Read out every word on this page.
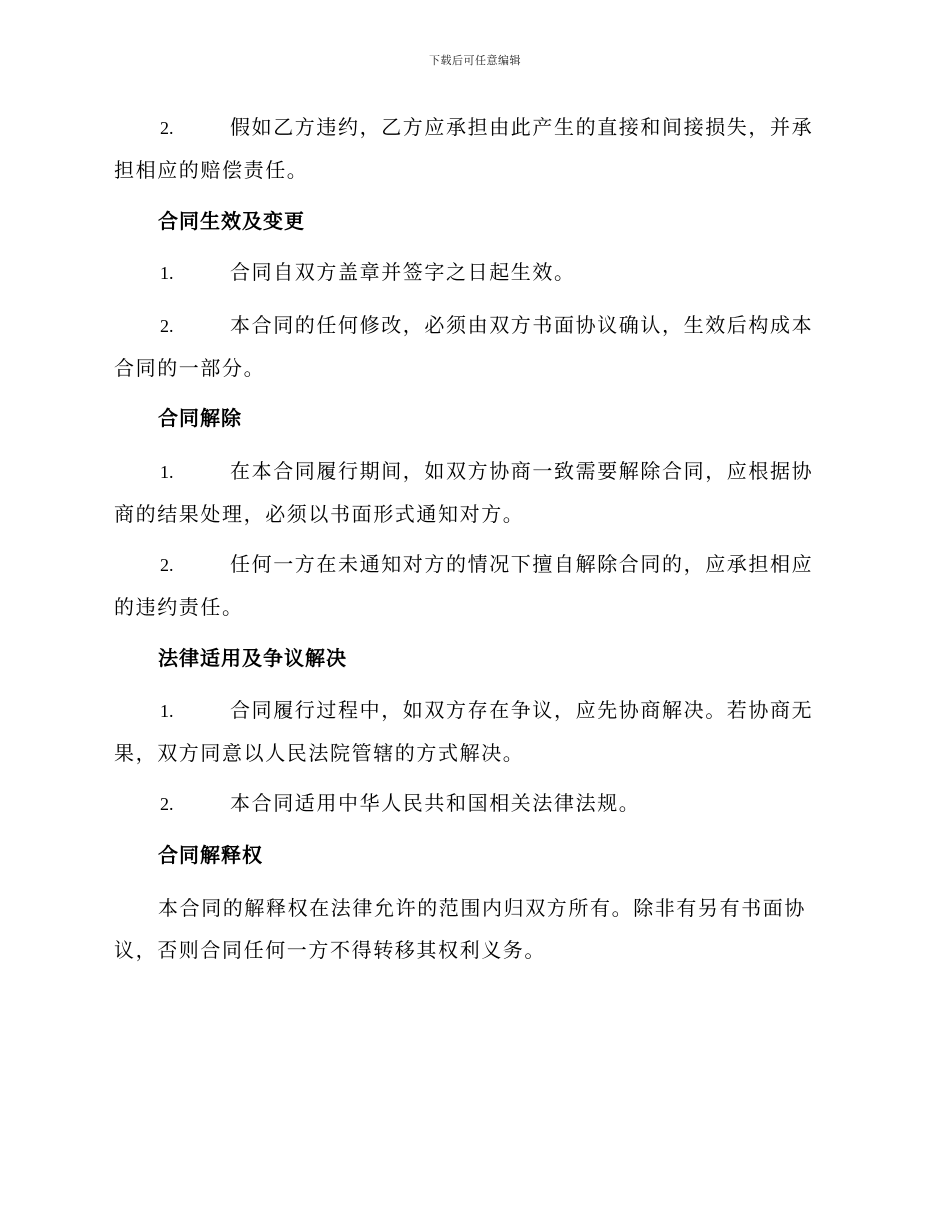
下载后可任意编辑
2.	假如乙方违约，乙方应承担由此产生的直接和间接损失，并承担相应的赔偿责任。
合同生效及变更
1.	合同自双方盖章并签字之日起生效。
2.	本合同的任何修改，必须由双方书面协议确认，生效后构成本合同的一部分。
合同解除
1.	在本合同履行期间，如双方协商一致需要解除合同，应根据协商的结果处理，必须以书面形式通知对方。
2.	任何一方在未通知对方的情况下擅自解除合同的，应承担相应的违约责任。
法律适用及争议解决
1.	合同履行过程中，如双方存在争议，应先协商解决。若协商无果，双方同意以人民法院管辖的方式解决。
2.	本合同适用中华人民共和国相关法律法规。
合同解释权
本合同的解释权在法律允许的范围内归双方所有。除非有另有书面协议，否则合同任何一方不得转移其权利义务。
